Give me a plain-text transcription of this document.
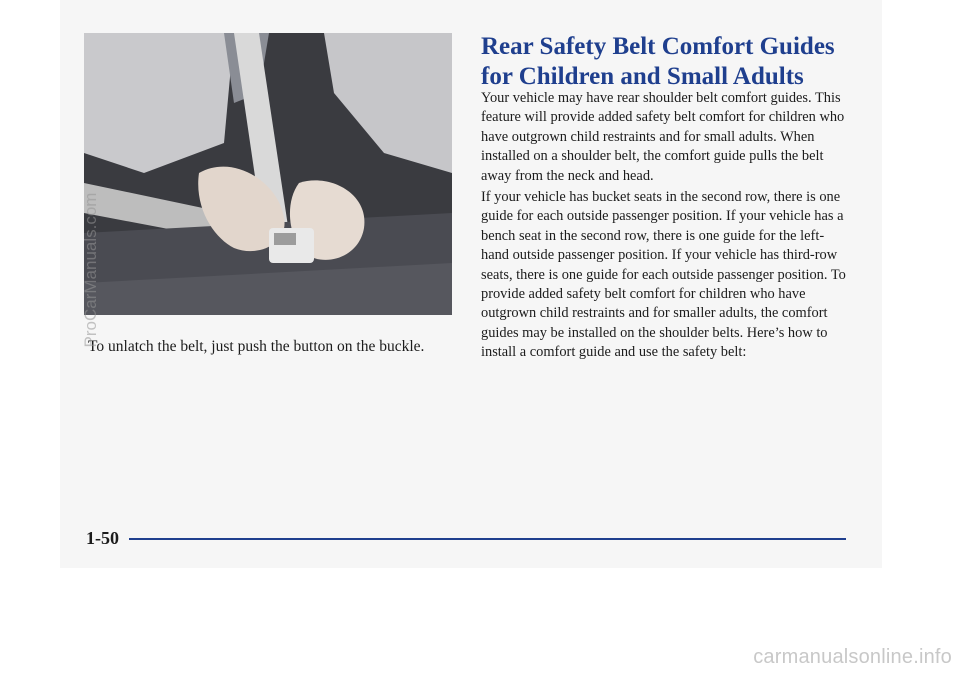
To unlatch the belt, just push the button on the buckle.
Rear Safety Belt Comfort Guides for Children and Small Adults

Your vehicle may have rear shoulder belt comfort guides. This feature will provide added safety belt comfort for children who have outgrown child restraints and for small adults. When installed on a shoulder belt, the comfort guide pulls the belt away from the neck and head.

If your vehicle has bucket seats in the second row, there is one guide for each outside passenger position. If your vehicle has a bench seat in the second row, there is one guide for the left-hand outside passenger position. If your vehicle has third-row seats, there is one guide for each outside passenger position. To provide added safety belt comfort for children who have outgrown child restraints and for smaller adults, the comfort guides may be installed on the shoulder belts. Here’s how to install a comfort guide and use the safety belt:

1-50
ProCarManuals.com
carmanualsonline.info
